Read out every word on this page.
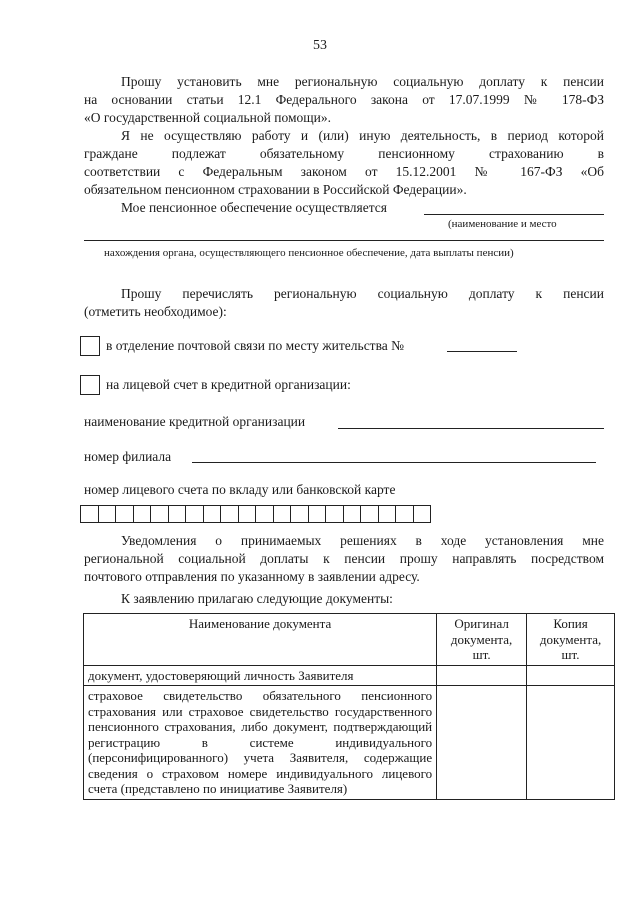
53
Прошу установить мне региональную социальную доплату к пенсии
на основании статьи 12.1 Федерального закона от 17.07.1999 № 178-ФЗ
«О государственной социальной помощи».
Я не осуществляю работу и (или) иную деятельность, в период которой
граждане подлежат обязательному пенсионному страхованию в
соответствии с Федеральным законом от 15.12.2001 № 167-ФЗ «Об
обязательном пенсионном страховании в Российской Федерации».
Мое пенсионное обеспечение осуществляется
(наименование и место
нахождения органа, осуществляющего пенсионное обеспечение, дата выплаты пенсии)
Прошу перечислять региональную социальную доплату к пенсии
(отметить необходимое):
в отделение почтовой связи по месту жительства №
на лицевой счет в кредитной организации:
наименование кредитной организации
номер филиала
номер лицевого счета по вкладу или банковской карте
Уведомления о принимаемых решениях в ходе установления мне
региональной социальной доплаты к пенсии прошу направлять посредством
почтового отправления по указанному в заявлении адресу.
К заявлению прилагаю следующие документы:
Наименование документа	Оригинал документа, шт.	Копия документа, шт.
документ, удостоверяющий личность Заявителя		
страховое свидетельство обязательного пенсионного страхования или страховое свидетельство государственного пенсионного страхования, либо документ, подтверждающий регистрацию в системе индивидуального (персонифицированного) учета Заявителя, содержащие сведения о страховом номере индивидуального лицевого счета (представлено по инициативе Заявителя)		
